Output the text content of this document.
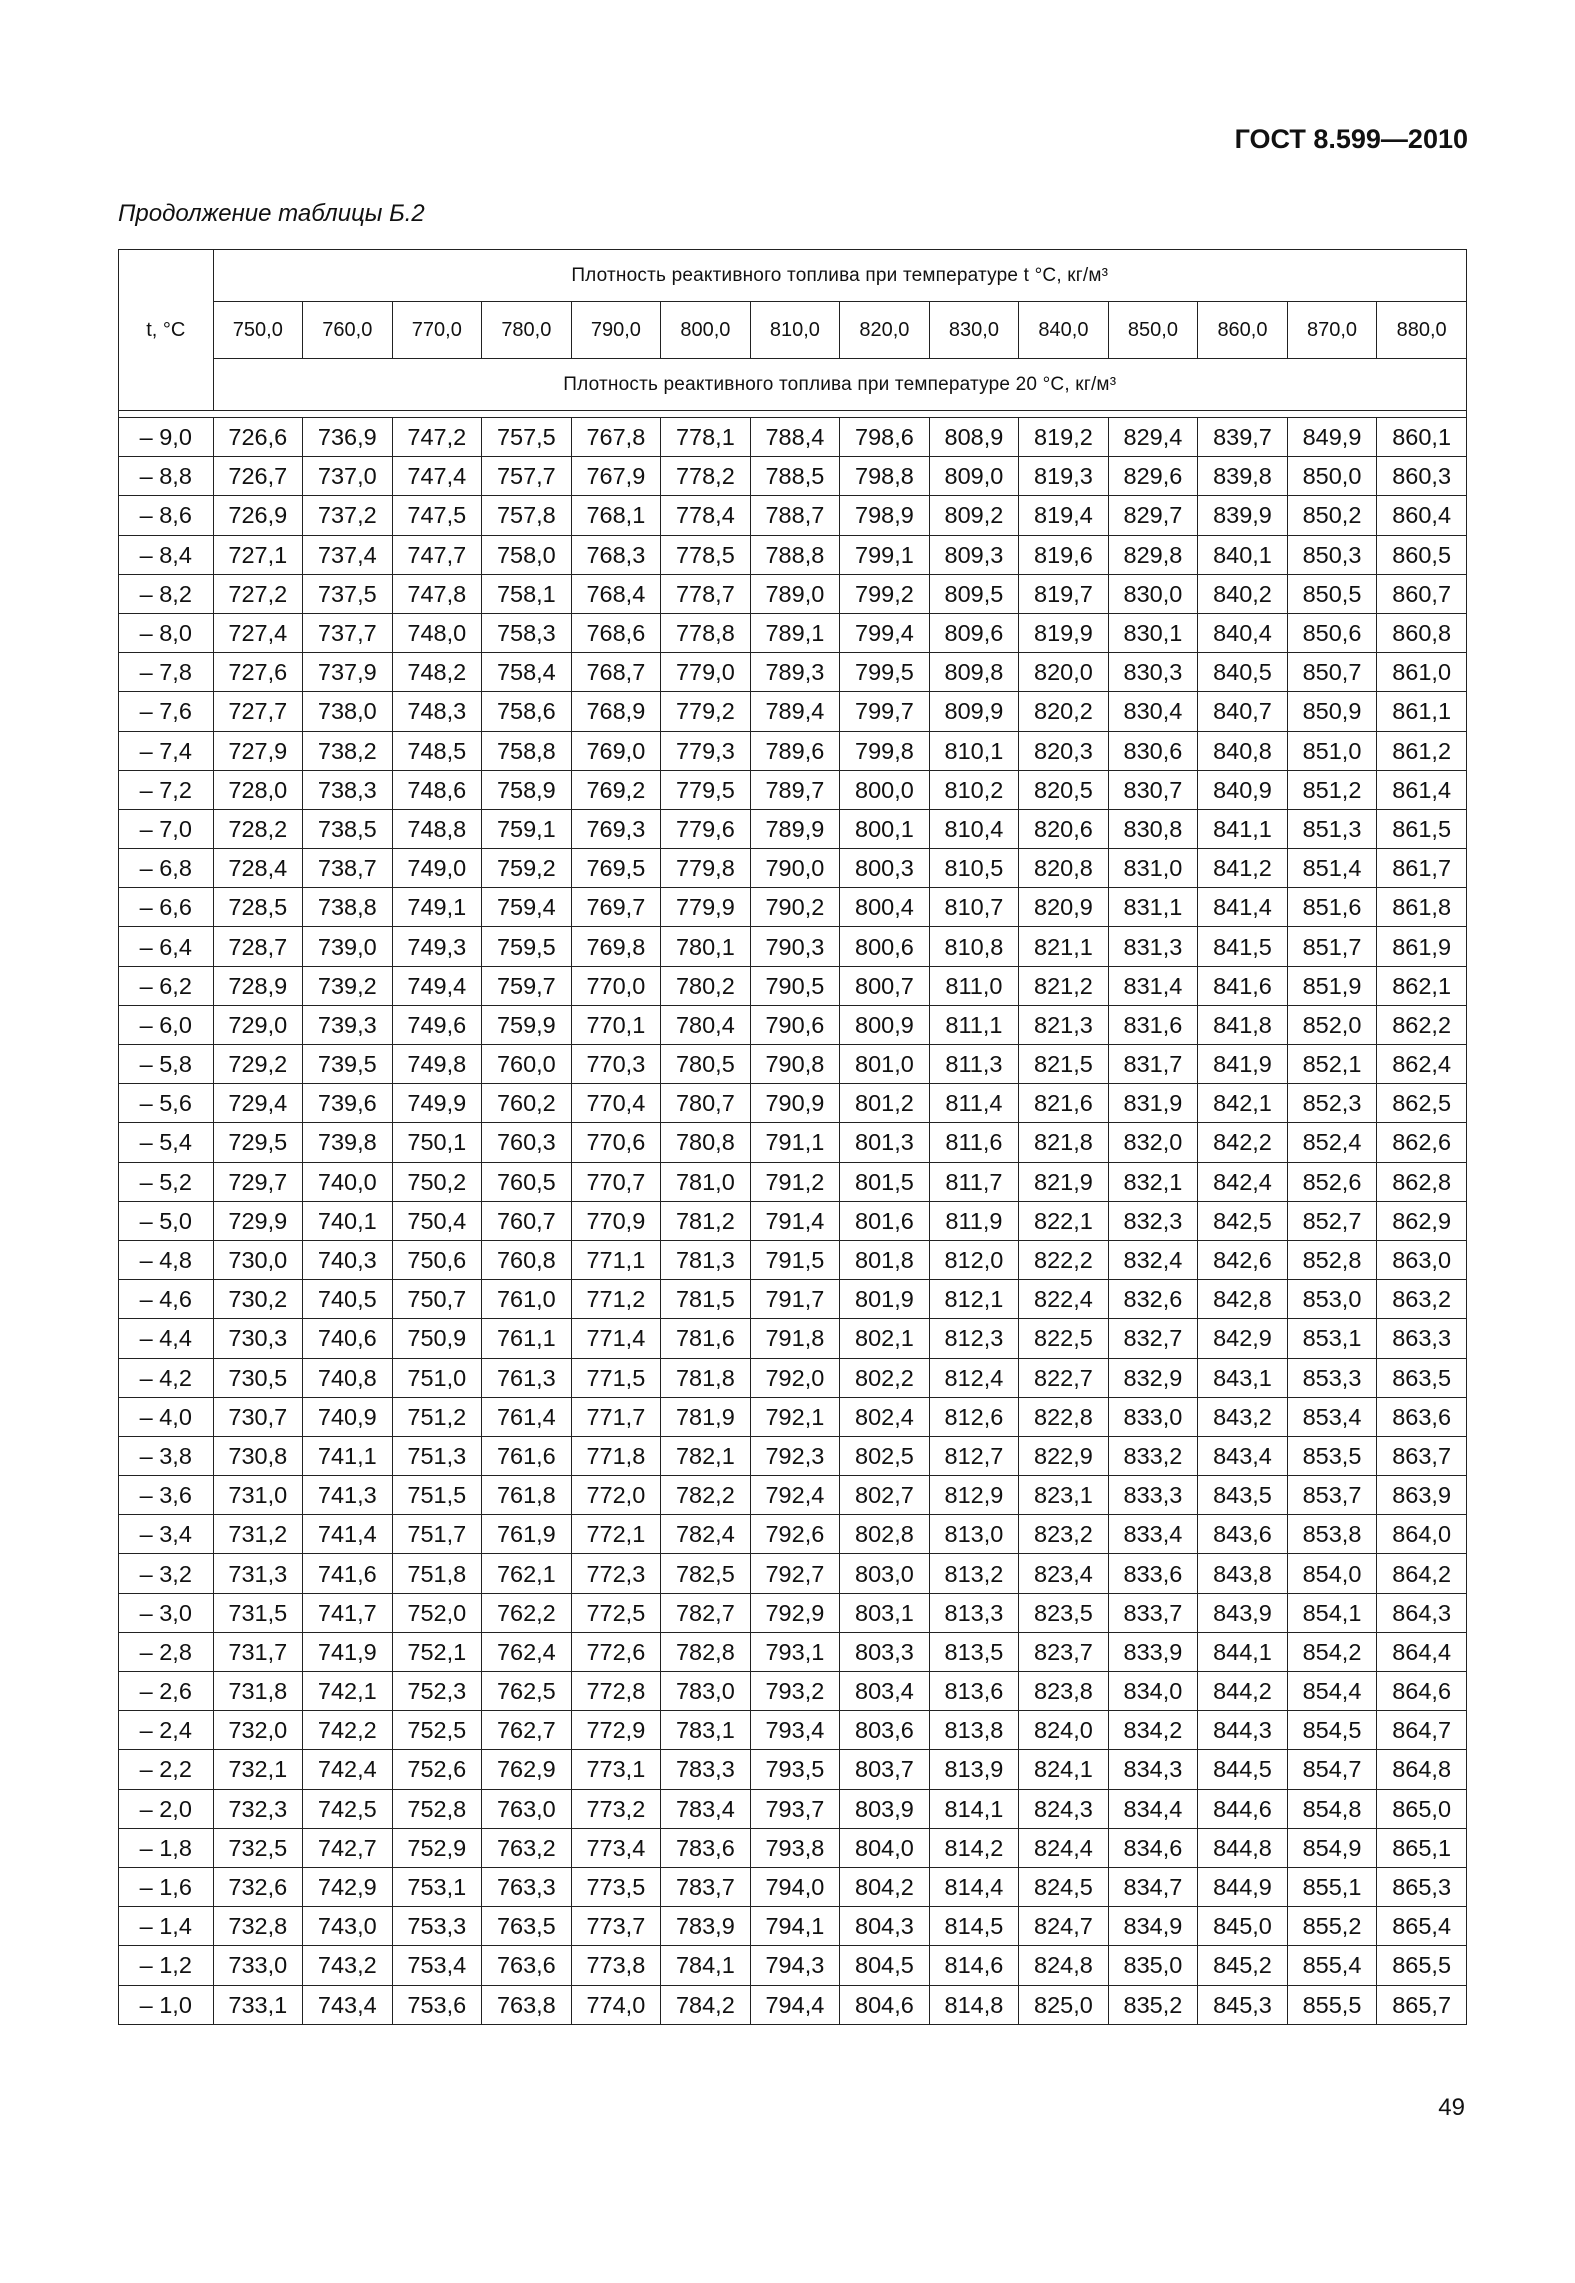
ГОСТ 8.599—2010
Продолжение таблицы Б.2
t, °C	Плотность реактивного топлива при температуре t °C, кг/м³													
	750,0	760,0	770,0	780,0	790,0	800,0	810,0	820,0	830,0	840,0	850,0	860,0	870,0	880,0
	Плотность реактивного топлива при температуре 20 °C, кг/м³													

– 9,0	726,6	736,9	747,2	757,5	767,8	778,1	788,4	798,6	808,9	819,2	829,4	839,7	849,9	860,1
– 8,8	726,7	737,0	747,4	757,7	767,9	778,2	788,5	798,8	809,0	819,3	829,6	839,8	850,0	860,3
– 8,6	726,9	737,2	747,5	757,8	768,1	778,4	788,7	798,9	809,2	819,4	829,7	839,9	850,2	860,4
– 8,4	727,1	737,4	747,7	758,0	768,3	778,5	788,8	799,1	809,3	819,6	829,8	840,1	850,3	860,5
– 8,2	727,2	737,5	747,8	758,1	768,4	778,7	789,0	799,2	809,5	819,7	830,0	840,2	850,5	860,7
– 8,0	727,4	737,7	748,0	758,3	768,6	778,8	789,1	799,4	809,6	819,9	830,1	840,4	850,6	860,8
– 7,8	727,6	737,9	748,2	758,4	768,7	779,0	789,3	799,5	809,8	820,0	830,3	840,5	850,7	861,0
– 7,6	727,7	738,0	748,3	758,6	768,9	779,2	789,4	799,7	809,9	820,2	830,4	840,7	850,9	861,1
– 7,4	727,9	738,2	748,5	758,8	769,0	779,3	789,6	799,8	810,1	820,3	830,6	840,8	851,0	861,2
– 7,2	728,0	738,3	748,6	758,9	769,2	779,5	789,7	800,0	810,2	820,5	830,7	840,9	851,2	861,4
– 7,0	728,2	738,5	748,8	759,1	769,3	779,6	789,9	800,1	810,4	820,6	830,8	841,1	851,3	861,5
– 6,8	728,4	738,7	749,0	759,2	769,5	779,8	790,0	800,3	810,5	820,8	831,0	841,2	851,4	861,7
– 6,6	728,5	738,8	749,1	759,4	769,7	779,9	790,2	800,4	810,7	820,9	831,1	841,4	851,6	861,8
– 6,4	728,7	739,0	749,3	759,5	769,8	780,1	790,3	800,6	810,8	821,1	831,3	841,5	851,7	861,9
– 6,2	728,9	739,2	749,4	759,7	770,0	780,2	790,5	800,7	811,0	821,2	831,4	841,6	851,9	862,1
– 6,0	729,0	739,3	749,6	759,9	770,1	780,4	790,6	800,9	811,1	821,3	831,6	841,8	852,0	862,2
– 5,8	729,2	739,5	749,8	760,0	770,3	780,5	790,8	801,0	811,3	821,5	831,7	841,9	852,1	862,4
– 5,6	729,4	739,6	749,9	760,2	770,4	780,7	790,9	801,2	811,4	821,6	831,9	842,1	852,3	862,5
– 5,4	729,5	739,8	750,1	760,3	770,6	780,8	791,1	801,3	811,6	821,8	832,0	842,2	852,4	862,6
– 5,2	729,7	740,0	750,2	760,5	770,7	781,0	791,2	801,5	811,7	821,9	832,1	842,4	852,6	862,8
– 5,0	729,9	740,1	750,4	760,7	770,9	781,2	791,4	801,6	811,9	822,1	832,3	842,5	852,7	862,9
– 4,8	730,0	740,3	750,6	760,8	771,1	781,3	791,5	801,8	812,0	822,2	832,4	842,6	852,8	863,0
– 4,6	730,2	740,5	750,7	761,0	771,2	781,5	791,7	801,9	812,1	822,4	832,6	842,8	853,0	863,2
– 4,4	730,3	740,6	750,9	761,1	771,4	781,6	791,8	802,1	812,3	822,5	832,7	842,9	853,1	863,3
– 4,2	730,5	740,8	751,0	761,3	771,5	781,8	792,0	802,2	812,4	822,7	832,9	843,1	853,3	863,5
– 4,0	730,7	740,9	751,2	761,4	771,7	781,9	792,1	802,4	812,6	822,8	833,0	843,2	853,4	863,6
– 3,8	730,8	741,1	751,3	761,6	771,8	782,1	792,3	802,5	812,7	822,9	833,2	843,4	853,5	863,7
– 3,6	731,0	741,3	751,5	761,8	772,0	782,2	792,4	802,7	812,9	823,1	833,3	843,5	853,7	863,9
– 3,4	731,2	741,4	751,7	761,9	772,1	782,4	792,6	802,8	813,0	823,2	833,4	843,6	853,8	864,0
– 3,2	731,3	741,6	751,8	762,1	772,3	782,5	792,7	803,0	813,2	823,4	833,6	843,8	854,0	864,2
– 3,0	731,5	741,7	752,0	762,2	772,5	782,7	792,9	803,1	813,3	823,5	833,7	843,9	854,1	864,3
– 2,8	731,7	741,9	752,1	762,4	772,6	782,8	793,1	803,3	813,5	823,7	833,9	844,1	854,2	864,4
– 2,6	731,8	742,1	752,3	762,5	772,8	783,0	793,2	803,4	813,6	823,8	834,0	844,2	854,4	864,6
– 2,4	732,0	742,2	752,5	762,7	772,9	783,1	793,4	803,6	813,8	824,0	834,2	844,3	854,5	864,7
– 2,2	732,1	742,4	752,6	762,9	773,1	783,3	793,5	803,7	813,9	824,1	834,3	844,5	854,7	864,8
– 2,0	732,3	742,5	752,8	763,0	773,2	783,4	793,7	803,9	814,1	824,3	834,4	844,6	854,8	865,0
– 1,8	732,5	742,7	752,9	763,2	773,4	783,6	793,8	804,0	814,2	824,4	834,6	844,8	854,9	865,1
– 1,6	732,6	742,9	753,1	763,3	773,5	783,7	794,0	804,2	814,4	824,5	834,7	844,9	855,1	865,3
– 1,4	732,8	743,0	753,3	763,5	773,7	783,9	794,1	804,3	814,5	824,7	834,9	845,0	855,2	865,4
– 1,2	733,0	743,2	753,4	763,6	773,8	784,1	794,3	804,5	814,6	824,8	835,0	845,2	855,4	865,5
– 1,0	733,1	743,4	753,6	763,8	774,0	784,2	794,4	804,6	814,8	825,0	835,2	845,3	855,5	865,7
49
